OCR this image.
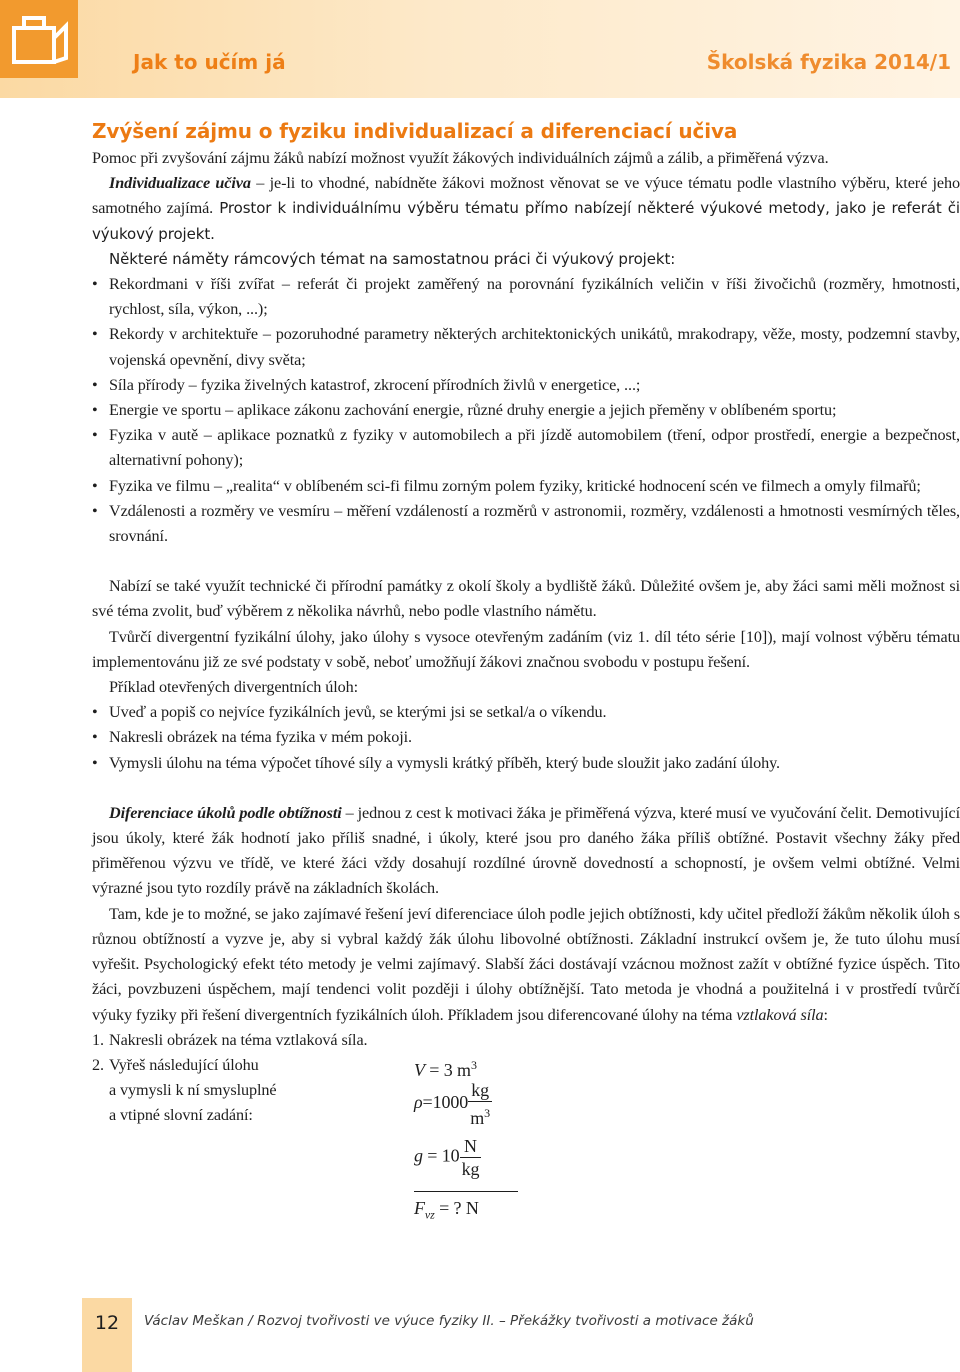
Jak to učím já	Školská fyzika 2014/1
Zvýšení zájmu o fyziku individualizací a diferenciací učiva

Pomoc při zvyšování zájmu žáků nabízí možnost využít žákových individuálních zájmů a zálib, a přiměřená výzva.

Individualizace učiva – je-li to vhodné, nabídněte žákovi možnost věnovat se ve výuce tématu podle vlastního výběru, které jeho samotného zajímá. Prostor k individuálnímu výběru tématu přímo nabízejí některé výukové metody, jako je referát či výukový projekt.

Některé náměty rámcových témat na samostatnou práci či výukový projekt:

• Rekordmani v říši zvířat – referát či projekt zaměřený na porovnání fyzikálních veličin v říši živočichů (rozměry, hmotnosti, rychlost, síla, výkon, ...);
• Rekordy v architektuře – pozoruhodné parametry některých architektonických unikátů, mrakodrapy, věže, mosty, podzemní stavby, vojenská opevnění, divy světa;
• Síla přírody – fyzika živelných katastrof, zkrocení přírodních živlů v energetice, ...;
• Energie ve sportu – aplikace zákonu zachování energie, různé druhy energie a jejich přeměny v oblíbeném sportu;
• Fyzika v autě – aplikace poznatků z fyziky v automobilech a při jízdě automobilem (tření, odpor prostředí, energie a bezpečnost, alternativní pohony);
• Fyzika ve filmu – „realita“ v oblíbeném sci-fi filmu zorným polem fyziky, kritické hodnocení scén ve filmech a omyly filmařů;
• Vzdálenosti a rozměry ve vesmíru – měření vzdáleností a rozměrů v astronomii, rozměry, vzdálenosti a hmotnosti vesmírných těles, srovnání.

Nabízí se také využít technické či přírodní památky z okolí školy a bydliště žáků. Důležité ovšem je, aby žáci sami měli možnost si své téma zvolit, buď výběrem z několika návrhů, nebo podle vlastního námětu.

Tvůrčí divergentní fyzikální úlohy, jako úlohy s vysoce otevřeným zadáním (viz 1. díl této série [10]), mají volnost výběru tématu implementovánu již ze své podstaty v sobě, neboť umožňují žákovi značnou svobodu v postupu řešení.

Příklad otevřených divergentních úloh:

• Uveď a popiš co nejvíce fyzikálních jevů, se kterými jsi se setkal/a o víkendu.
• Nakresli obrázek na téma fyzika v mém pokoji.
• Vymysli úlohu na téma výpočet tíhové síly a vymysli krátký příběh, který bude sloužit jako zadání úlohy.

Diferenciace úkolů podle obtížnosti – jednou z cest k motivaci žáka je přiměřená výzva, které musí ve vyučování čelit. Demotivující jsou úkoly, které žák hodnotí jako příliš snadné, i úkoly, které jsou pro daného žáka příliš obtížné. Postavit všechny žáky před přiměřenou výzvu ve třídě, ve které žáci vždy dosahují rozdílné úrovně dovedností a schopností, je ovšem velmi obtížné. Velmi výrazné jsou tyto rozdíly právě na základních školách.

Tam, kde je to možné, se jako zajímavé řešení jeví diferenciace úloh podle jejich obtížnosti, kdy učitel předloží žákům několik úloh s různou obtížností a vyzve je, aby si vybral každý žák úlohu libovolné obtížnosti. Základní instrukcí ovšem je, že tuto úlohu musí vyřešit. Psychologický efekt této metody je velmi zajímavý. Slabší žáci dostávají vzácnou možnost zažít v obtížné fyzice úspěch. Tito žáci, povzbuzeni úspěchem, mají tendenci volit později i úlohy obtížnější. Tato metoda je vhodná a použitelná i v prostředí tvůrčí výuky fyziky při řešení divergentních fyzikálních úloh. Příkladem jsou diferencované úlohy na téma vztlaková síla:

1. Nakresli obrázek na téma vztlaková síla.
2. Vyřeš následující úlohu
a vymysli k ní smysluplné
a vtipné slovní zadání:
V = 3 $m^3$
$\rho=1000 \frac{kg}{m^3}$
$g = 10 \frac{N}{kg}$
$F_{vz}$ = ? N
12	Václav Meškan / Rozvoj tvořivosti ve výuce fyziky II. – Překážky tvořivosti a motivace žáků
